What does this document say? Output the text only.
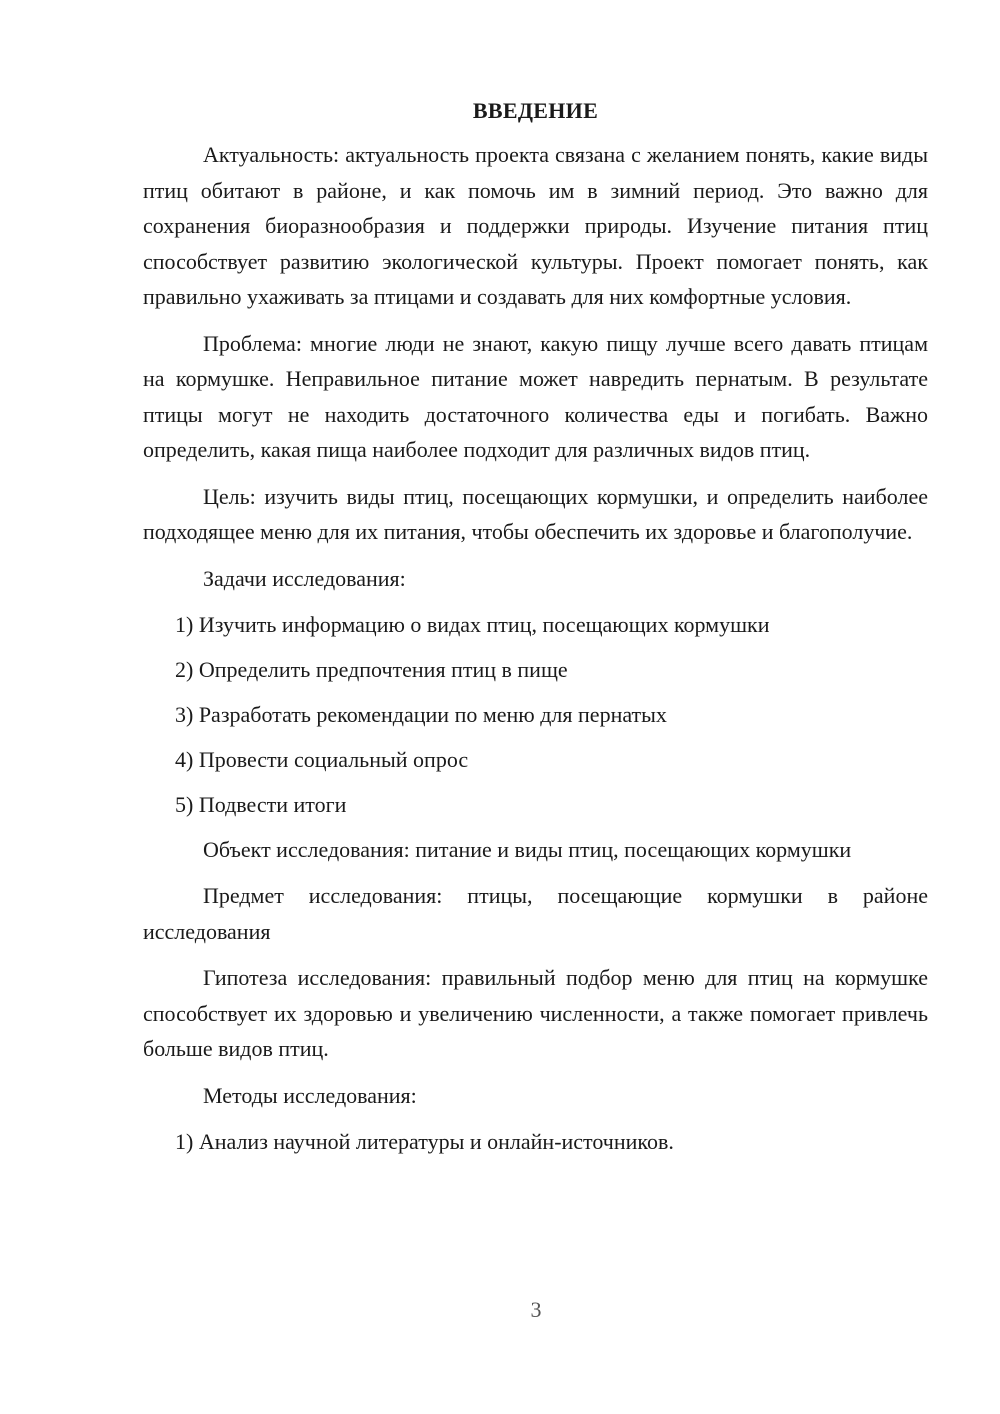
ВВЕДЕНИЕ

Актуальность: актуальность проекта связана с желанием понять, какие виды птиц обитают в районе, и как помочь им в зимний период. Это важно для сохранения биоразнообразия и поддержки природы. Изучение питания птиц способствует развитию экологической культуры. Проект помогает понять, как правильно ухаживать за птицами и создавать для них комфортные условия.

Проблема: многие люди не знают, какую пищу лучше всего давать птицам на кормушке. Неправильное питание может навредить пернатым. В результате птицы могут не находить достаточного количества еды и погибать. Важно определить, какая пища наиболее подходит для различных видов птиц.

Цель: изучить виды птиц, посещающих кормушки, и определить наиболее подходящее меню для их питания, чтобы обеспечить их здоровье и благополучие.

Задачи исследования:

1) Изучить информацию о видах птиц, посещающих кормушки
2) Определить предпочтения птиц в пище
3) Разработать рекомендации по меню для пернатых
4) Провести социальный опрос
5) Подвести итоги

Объект исследования: питание и виды птиц, посещающих кормушки

Предмет исследования: птицы, посещающие кормушки в районе исследования

Гипотеза исследования: правильный подбор меню для птиц на кормушке способствует их здоровью и увеличению численности, а также помогает привлечь больше видов птиц.

Методы исследования:

1) Анализ научной литературы и онлайн-источников.
3
